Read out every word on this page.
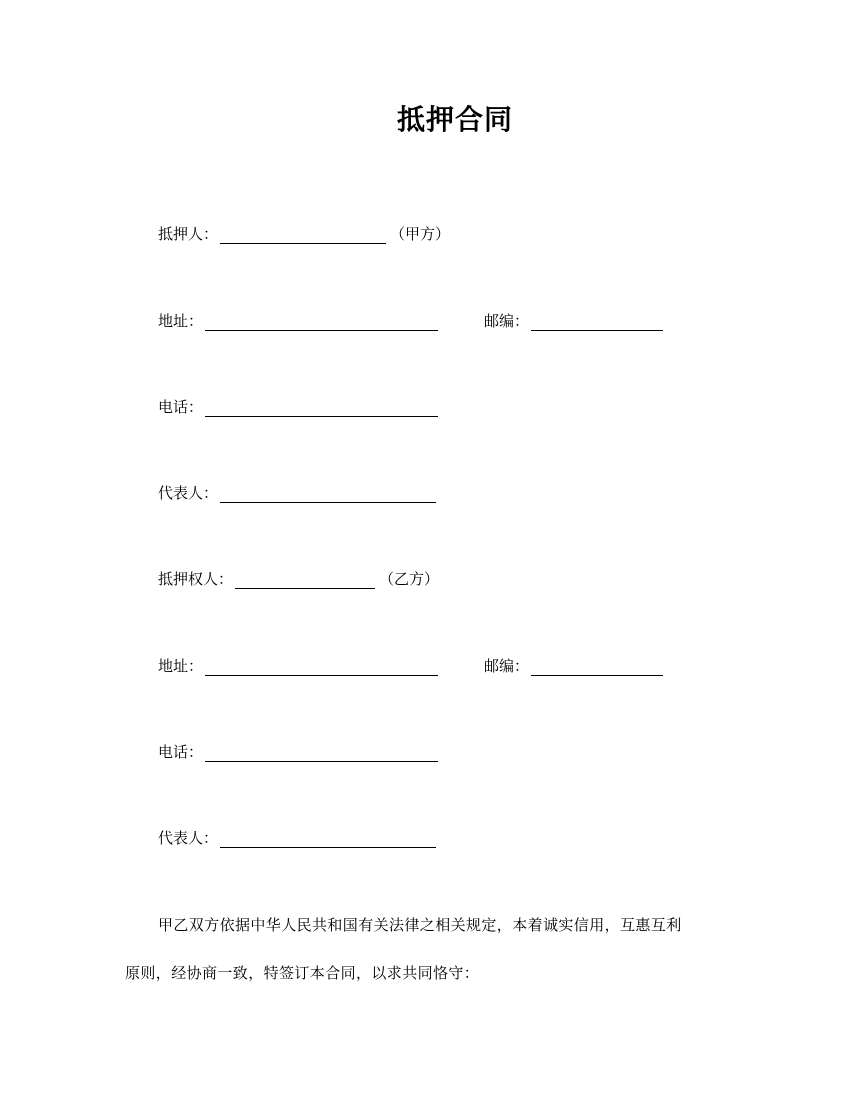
抵押合同
抵押人：	（甲方）
地址：	邮编：
电话：
代表人：
抵押权人：	（乙方）
地址：	邮编：
电话：
代表人：
甲乙双方依据中华人民共和国有关法律之相关规定，本着诚实信用，互惠互利
原则，经协商一致，特签订本合同，以求共同恪守：
